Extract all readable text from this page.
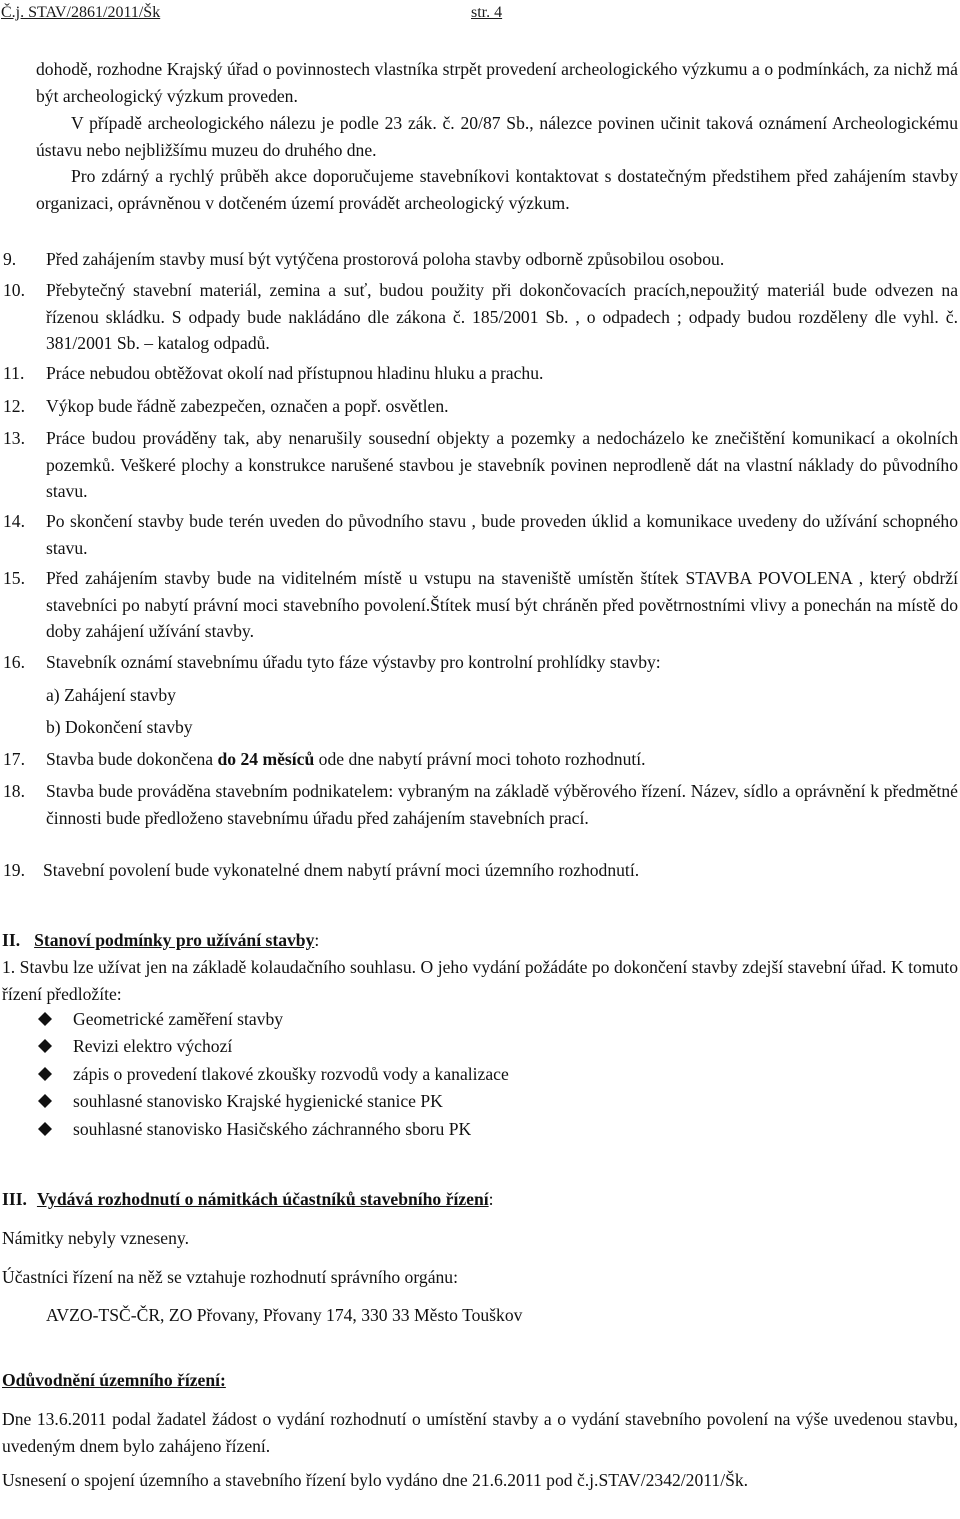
Č.j. STAV/2861/2011/Šk	str. 4
dohodě, rozhodne Krajský úřad o povinnostech vlastníka strpět provedení archeologického výzkumu a o podmínkách, za nichž má být archeologický výzkum proveden.
V případě archeologického nálezu je podle 23 zák. č. 20/87 Sb., nálezce povinen učinit taková oznámení Archeologickému ústavu nebo nejbližšímu muzeu do druhého dne.
Pro zdárný a rychlý průběh akce doporučujeme stavebníkovi kontaktovat s dostatečným předstihem před zahájením stavby organizaci, oprávněnou v dotčeném území provádět archeologický výzkum.
9. Před zahájením stavby musí být vytýčena prostorová poloha stavby odborně způsobilou osobou.
10. Přebytečný stavební materiál, zemina a suť, budou použity při dokončovacích pracích,nepoužitý materiál bude odvezen na řízenou skládku. S odpady bude nakládáno dle zákona č. 185/2001 Sb. , o odpadech ; odpady budou rozděleny dle vyhl. č. 381/2001 Sb. – katalog odpadů.
11. Práce nebudou obtěžovat okolí nad přístupnou hladinu hluku a prachu.
12. Výkop bude řádně zabezpečen, označen a popř. osvětlen.
13. Práce budou prováděny tak, aby nenarušily sousední objekty a pozemky a nedocházelo ke znečištění komunikací a okolních pozemků. Veškeré plochy a konstrukce narušené stavbou je stavebník povinen neprodleně dát na vlastní náklady do původního stavu.
14. Po skončení stavby bude terén uveden do původního stavu , bude proveden úklid a komunikace uvedeny do užívání schopného stavu.
15. Před zahájením stavby bude na viditelném místě u vstupu na staveniště umístěn štítek STAVBA POVOLENA , který obdrží stavebníci po nabytí právní moci stavebního povolení.Štítek musí být chráněn před povětrnostními vlivy a ponechán na místě do doby zahájení užívání stavby.
16. Stavebník oznámí stavebnímu úřadu tyto fáze výstavby pro kontrolní prohlídky stavby:
a) Zahájení stavby
b) Dokončení stavby
17. Stavba bude dokončena do 24 měsíců ode dne nabytí právní moci tohoto rozhodnutí.
18. Stavba bude prováděna stavebním podnikatelem: vybraným na základě výběrového řízení. Název, sídlo a oprávnění k předmětné činnosti bude předloženo stavebnímu úřadu před zahájením stavebních prací.
19. Stavební povolení bude vykonatelné dnem nabytí právní moci územního rozhodnutí.
II. Stanoví podmínky pro užívání stavby:
1. Stavbu lze užívat jen na základě kolaudačního souhlasu. O jeho vydání požádáte po dokončení stavby zdejší stavební úřad. K tomuto řízení předložíte:
Geometrické zaměření stavby
Revizi elektro výchozí
zápis o provedení tlakové zkoušky rozvodů vody a kanalizace
souhlasné stanovisko Krajské hygienické stanice PK
souhlasné stanovisko Hasičského záchranného sboru PK
III. Vydává rozhodnutí o námitkách účastníků stavebního řízení:
Námitky nebyly vzneseny.
Účastníci řízení na něž se vztahuje rozhodnutí správního orgánu:
AVZO-TSČ-ČR, ZO Přovany, Přovany 174, 330 33 Město Touškov
Odůvodnění územního řízení:
Dne 13.6.2011 podal žadatel žádost o vydání rozhodnutí o umístění stavby a o vydání stavebního povolení na výše uvedenou stavbu, uvedeným dnem bylo zahájeno řízení.
Usnesení o spojení územního a stavebního řízení bylo vydáno dne 21.6.2011 pod č.j.STAV/2342/2011/Šk.
